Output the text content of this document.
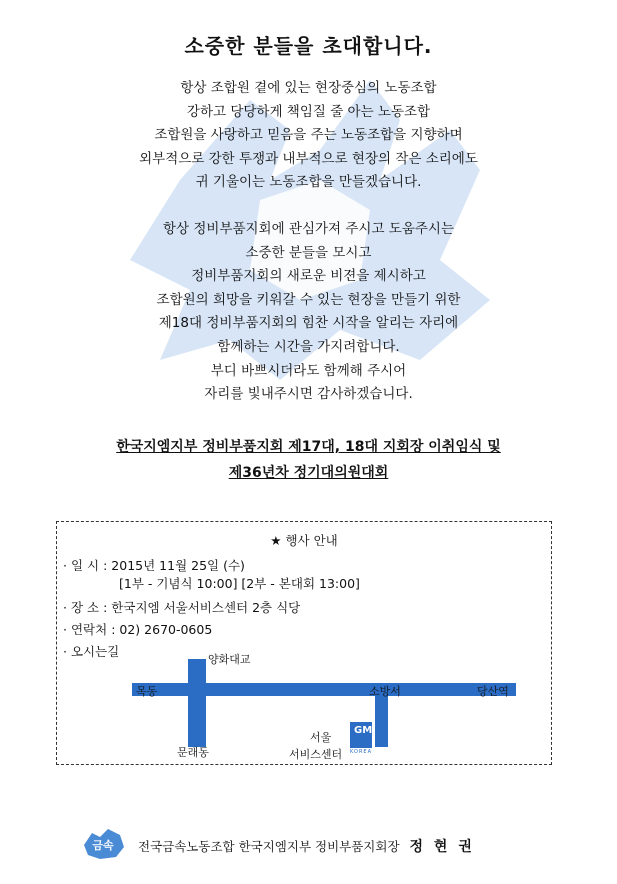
소중한 분들을 초대합니다.
항상 조합원 곁에 있는 현장중심의 노동조합
강하고 당당하게 책임질 줄 아는 노동조합
조합원을 사랑하고 믿음을 주는 노동조합을 지향하며
외부적으로 강한 투쟁과 내부적으로 현장의 작은 소리에도
귀 기울이는 노동조합을 만들겠습니다.
항상 정비부품지회에 관심가져 주시고 도움주시는
소중한 분들을 모시고
정비부품지회의 새로운 비젼을 제시하고
조합원의 희망을 키워갈 수 있는 현장을 만들기 위한
제18대 정비부품지회의 힘찬 시작을 알리는 자리에
함께하는 시간을 가지려합니다.
부디 바쁘시더라도 함께해 주시어
자리를 빛내주시면 감사하겠습니다.
한국지엠지부 정비부품지회 제17대, 18대 지회장 이취임식 및
제36년차 정기대의원대회
★ 행사 안내
· 일 시 : 2015년 11월 25일 (수)
[1부 - 기념식 10:00] [2부 - 본대회 13:00]
· 장 소 : 한국지엠 서울서비스센터 2층 식당
· 연락처 : 02) 2670-0605
· 오시는길
양화대교
목동	소방서	당산역
문래동
서울
서비스센터
GM
KOREA
금속 전국금속노동조합 한국지엠지부 정비부품지회장 정 현 권
